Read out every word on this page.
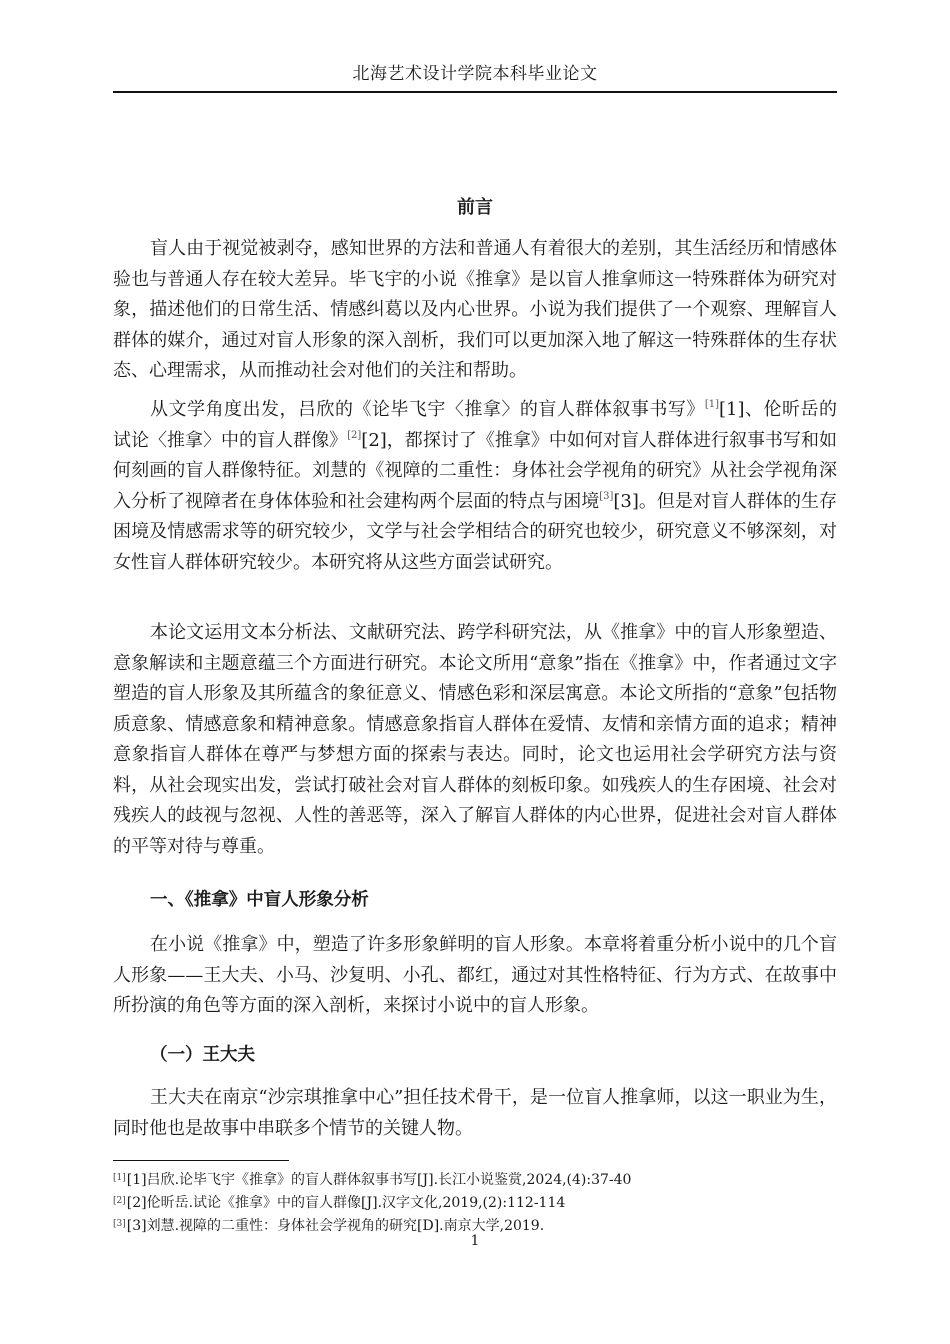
北海艺术设计学院本科毕业论文
前言

盲人由于视觉被剥夺，感知世界的方法和普通人有着很大的差别，其生活经历和情感体验也与普通人存在较大差异。毕飞宇的小说《推拿》是以盲人推拿师这一特殊群体为研究对象，描述他们的日常生活、情感纠葛以及内心世界。小说为我们提供了一个观察、理解盲人群体的媒介，通过对盲人形象的深入剖析，我们可以更加深入地了解这一特殊群体的生存状态、心理需求，从而推动社会对他们的关注和帮助。

从文学角度出发，吕欣的《论毕飞宇〈推拿〉的盲人群体叙事书写》[1][1]、伦昕岳的试论〈推拿〉中的盲人群像》[2][2]，都探讨了《推拿》中如何对盲人群体进行叙事书写和如何刻画的盲人群像特征。刘慧的《视障的二重性：身体社会学视角的研究》从社会学视角深入分析了视障者在身体体验和社会建构两个层面的特点与困境[3][3]。但是对盲人群体的生存困境及情感需求等的研究较少，文学与社会学相结合的研究也较少，研究意义不够深刻，对女性盲人群体研究较少。本研究将从这些方面尝试研究。

本论文运用文本分析法、文献研究法、跨学科研究法，从《推拿》中的盲人形象塑造、意象解读和主题意蕴三个方面进行研究。本论文所用“意象”指在《推拿》中，作者通过文字塑造的盲人形象及其所蕴含的象征意义、情感色彩和深层寓意。本论文所指的“意象”包括物质意象、情感意象和精神意象。情感意象指盲人群体在爱情、友情和亲情方面的追求；精神意象指盲人群体在尊严与梦想方面的探索与表达。同时，论文也运用社会学研究方法与资料，从社会现实出发，尝试打破社会对盲人群体的刻板印象。如残疾人的生存困境、社会对残疾人的歧视与忽视、人性的善恶等，深入了解盲人群体的内心世界，促进社会对盲人群体的平等对待与尊重。

一、《推拿》中盲人形象分析

在小说《推拿》中，塑造了许多形象鲜明的盲人形象。本章将着重分析小说中的几个盲人形象——王大夫、小马、沙复明、小孔、都红，通过对其性格特征、行为方式、在故事中所扮演的角色等方面的深入剖析，来探讨小说中的盲人形象。

（一）王大夫

王大夫在南京“沙宗琪推拿中心”担任技术骨干，是一位盲人推拿师，以这一职业为生，同时他也是故事中串联多个情节的关键人物。

[1][1]吕欣.论毕飞宇《推拿》的盲人群体叙事书写[J].长江小说鉴赏,2024,(4):37-40
[2][2]伦昕岳.试论《推拿》中的盲人群像[J].汉字文化,2019,(2):112-114
[3][3]刘慧.视障的二重性：身体社会学视角的研究[D].南京大学,2019.
1
